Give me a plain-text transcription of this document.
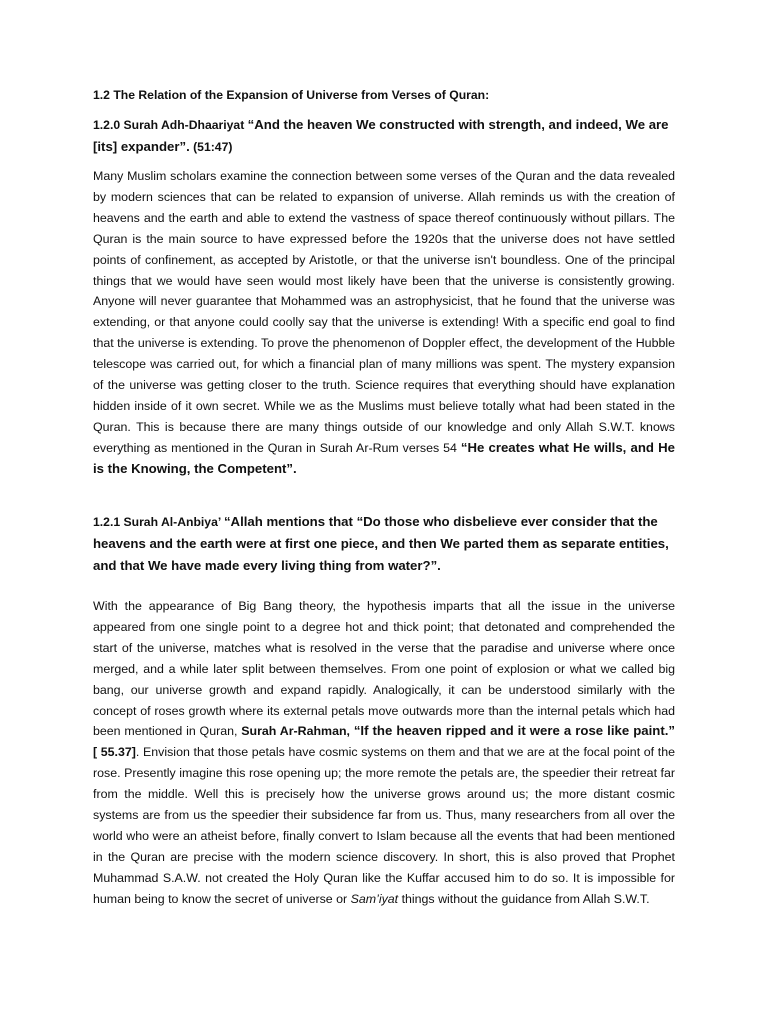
1.2 The Relation of the Expansion of Universe from Verses of Quran:

1.2.0 Surah Adh-Dhaariyat “And the heaven We constructed with strength, and indeed, We are [its] expander”. (51:47)

Many Muslim scholars examine the connection between some verses of the Quran and the data revealed by modern sciences that can be related to expansion of universe. Allah reminds us with the creation of heavens and the earth and able to extend the vastness of space thereof continuously without pillars. The Quran is the main source to have expressed before the 1920s that the universe does not have settled points of confinement, as accepted by Aristotle, or that the universe isn't boundless. One of the principal things that we would have seen would most likely have been that the universe is consistently growing. Anyone will never guarantee that Mohammed was an astrophysicist, that he found that the universe was extending, or that anyone could coolly say that the universe is extending! With a specific end goal to find that the universe is extending. To prove the phenomenon of Doppler effect, the development of the Hubble telescope was carried out, for which a financial plan of many millions was spent. The mystery expansion of the universe was getting closer to the truth. Science requires that everything should have explanation hidden inside of it own secret. While we as the Muslims must believe totally what had been stated in the Quran. This is because there are many things outside of our knowledge and only Allah S.W.T. knows everything as mentioned in the Quran in Surah Ar-Rum verses 54 “He creates what He wills, and He is the Knowing, the Competent”.

1.2.1 Surah Al-Anbiya’ “Allah mentions that “Do those who disbelieve ever consider that the heavens and the earth were at first one piece, and then We parted them as separate entities, and that We have made every living thing from water?”.

With the appearance of Big Bang theory, the hypothesis imparts that all the issue in the universe appeared from one single point to a degree hot and thick point; that detonated and comprehended the start of the universe, matches what is resolved in the verse that the paradise and universe where once merged, and a while later split between themselves. From one point of explosion or what we called big bang, our universe growth and expand rapidly. Analogically, it can be understood similarly with the concept of roses growth where its external petals move outwards more than the internal petals which had been mentioned in Quran, Surah Ar-Rahman, “If the heaven ripped and it were a rose like paint.” [ 55.37]. Envision that those petals have cosmic systems on them and that we are at the focal point of the rose. Presently imagine this rose opening up; the more remote the petals are, the speedier their retreat far from the middle. Well this is precisely how the universe grows around us; the more distant cosmic systems are from us the speedier their subsidence far from us. Thus, many researchers from all over the world who were an atheist before, finally convert to Islam because all the events that had been mentioned in the Quran are precise with the modern science discovery. In short, this is also proved that Prophet Muhammad S.A.W. not created the Holy Quran like the Kuffar accused him to do so. It is impossible for human being to know the secret of universe or Sam’iyat things without the guidance from Allah S.W.T.
